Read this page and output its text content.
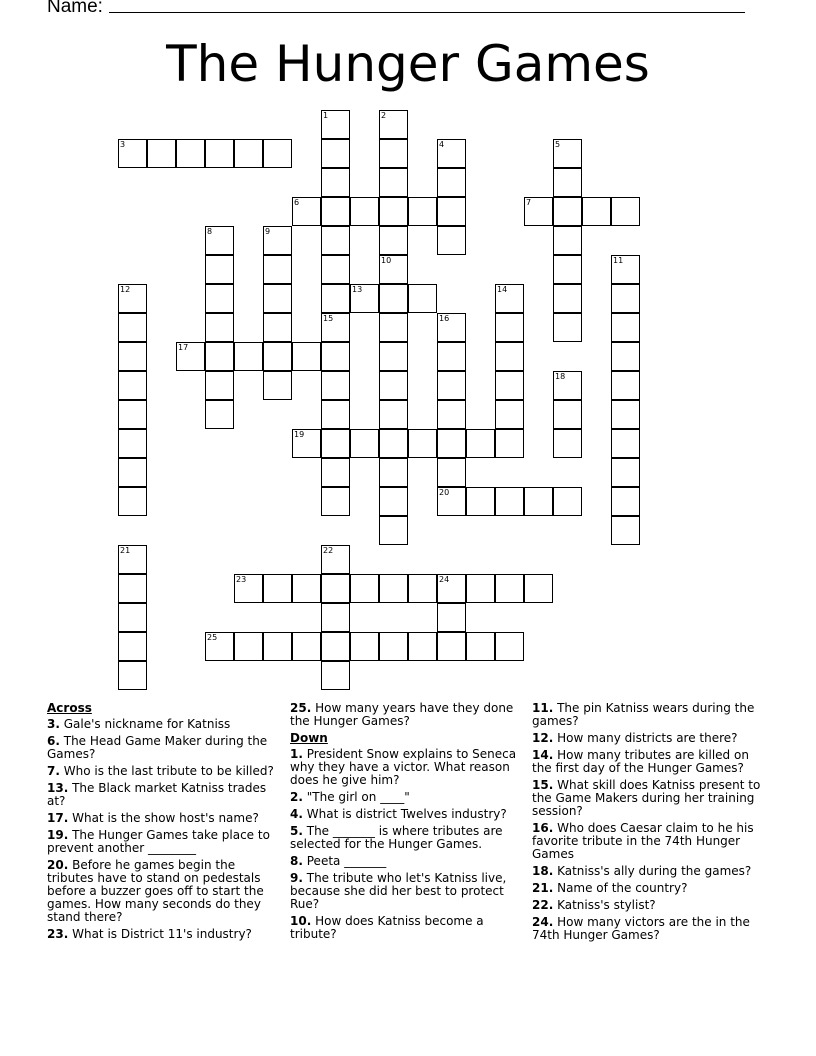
Name:
The Hunger Games
1
15
2
10
3	4	5
6	7
8	9
11
12	13	14
16
17
18
19
20
21	22
23	24
25
Across
3. Gale's nickname for Katniss
6. The Head Game Maker during the Games?
7. Who is the last tribute to be killed?
13. The Black market Katniss trades at?
17. What is the show host's name?
19. The Hunger Games take place to prevent another ________
20. Before he games begin the tributes have to stand on pedestals before a buzzer goes off to start the games. How many seconds do they stand there?
23. What is District 11's industry?
25. How many years have they done the Hunger Games?
Down
1. President Snow explains to Seneca why they have a victor. What reason does he give him?
2. "The girl on ____"
4. What is district Twelves industry?
5. The _______ is where tributes are selected for the Hunger Games.
8. Peeta _______
9. The tribute who let's Katniss live, because she did her best to protect Rue?
10. How does Katniss become a tribute?
11. The pin Katniss wears during the games?
12. How many districts are there?
14. How many tributes are killed on the first day of the Hunger Games?
15. What skill does Katniss present to the Game Makers during her training session?
16. Who does Caesar claim to he his favorite tribute in the 74th Hunger Games
18. Katniss's ally during the games?
21. Name of the country?
22. Katniss's stylist?
24. How many victors are the in the 74th Hunger Games?
